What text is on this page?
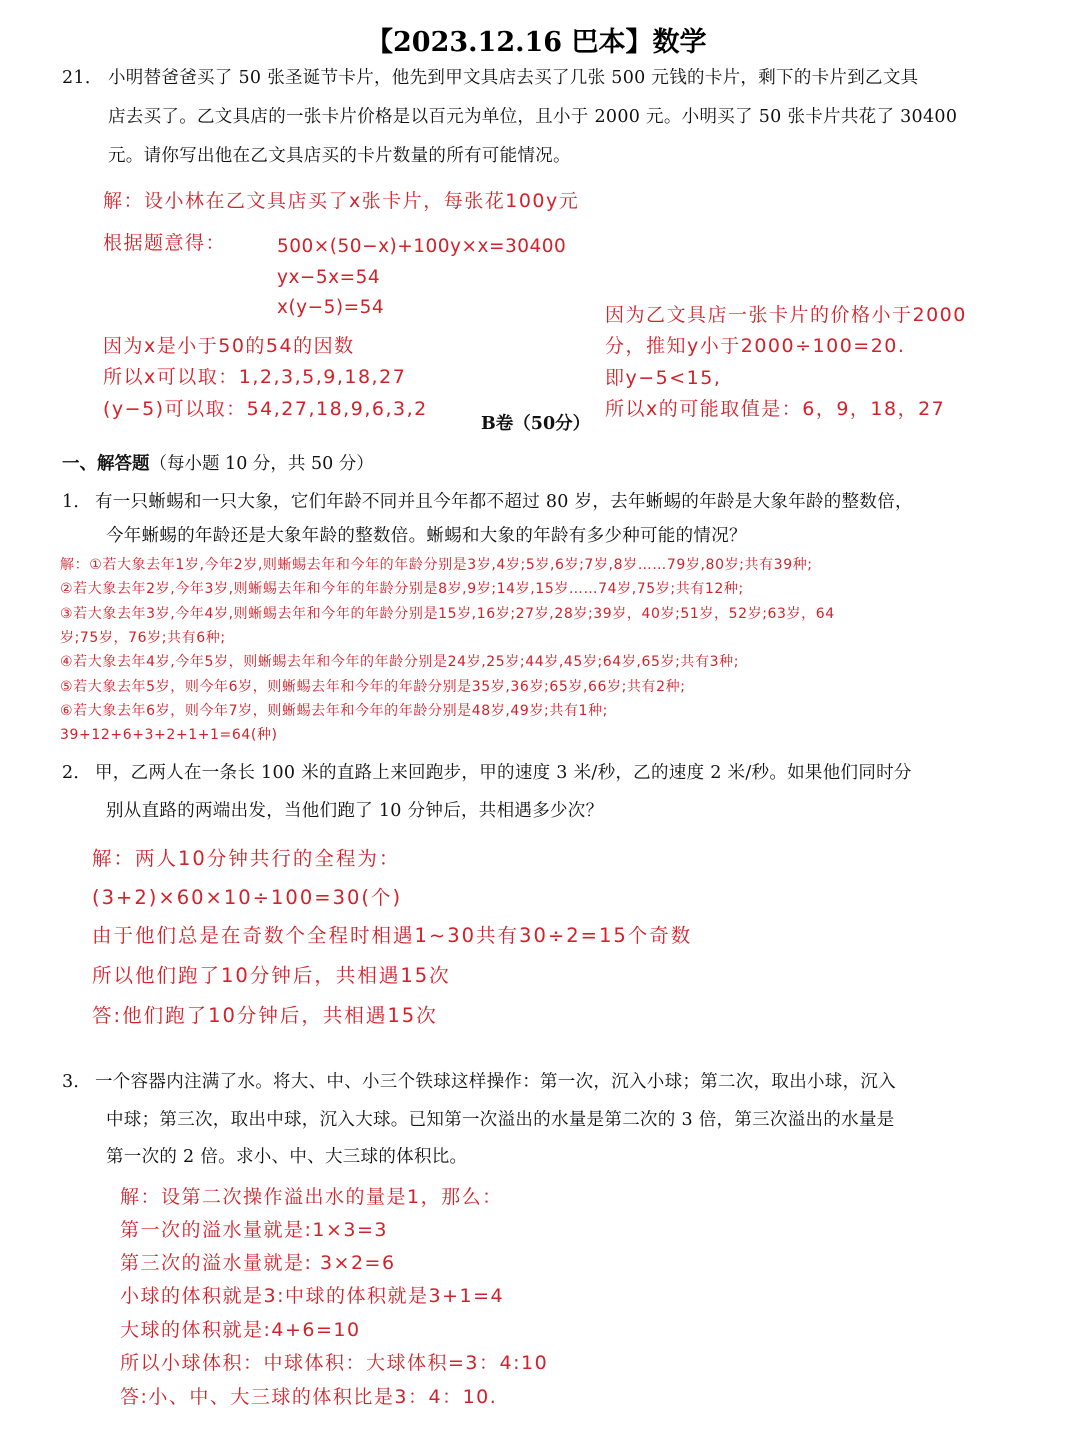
【2023.12.16 巴本】数学
21． 小明替爸爸买了 50 张圣诞节卡片，他先到甲文具店去买了几张 500 元钱的卡片，剩下的卡片到乙文具
店去买了。乙文具店的一张卡片价格是以百元为单位，且小于 2000 元。小明买了 50 张卡片共花了 30400
元。请你写出他在乙文具店买的卡片数量的所有可能情况。
解：设小林在乙文具店买了x张卡片，每张花100y元
根据题意得：	500×(50−x)+100y×x=30400
yx−5x=54
x(y−5)=54
因为x是小于50的54的因数
所以x可以取：1,2,3,5,9,18,27
(y−5)可以取：54,27,18,9,6,3,2
因为乙文具店一张卡片的价格小于2000
分，推知y小于2000÷100=20.
即y−5<15,
所以x的可能取值是：6，9，18，27
B卷（50分）
一、解答题（每小题 10 分，共 50 分）
1． 有一只蜥蜴和一只大象，它们年龄不同并且今年都不超过 80 岁，去年蜥蜴的年龄是大象年龄的整数倍，
今年蜥蜴的年龄还是大象年龄的整数倍。蜥蜴和大象的年龄有多少种可能的情况？
解：①若大象去年1岁,今年2岁,则蜥蜴去年和今年的年龄分别是3岁,4岁;5岁,6岁;7岁,8岁……79岁,80岁;共有39种;
②若大象去年2岁,今年3岁,则蜥蜴去年和今年的年龄分别是8岁,9岁;14岁,15岁……74岁,75岁;共有12种;
③若大象去年3岁,今年4岁,则蜥蜴去年和今年的年龄分别是15岁,16岁;27岁,28岁;39岁，40岁;51岁，52岁;63岁，64
岁;75岁，76岁;共有6种;
④若大象去年4岁,今年5岁，则蜥蜴去年和今年的年龄分别是24岁,25岁;44岁,45岁;64岁,65岁;共有3种;
⑤若大象去年5岁，则今年6岁，则蜥蜴去年和今年的年龄分别是35岁,36岁;65岁,66岁;共有2种;
⑥若大象去年6岁，则今年7岁，则蜥蜴去年和今年的年龄分别是48岁,49岁;共有1种;
39+12+6+3+2+1+1=64(种)
2． 甲，乙两人在一条长 100 米的直路上来回跑步，甲的速度 3 米/秒，乙的速度 2 米/秒。如果他们同时分
别从直路的两端出发，当他们跑了 10 分钟后，共相遇多少次？
解：两人10分钟共行的全程为：
(3+2)×60×10÷100=30(个)
由于他们总是在奇数个全程时相遇1~30共有30÷2=15个奇数
所以他们跑了10分钟后，共相遇15次
答:他们跑了10分钟后，共相遇15次
3． 一个容器内注满了水。将大、中、小三个铁球这样操作：第一次，沉入小球；第二次，取出小球，沉入
中球；第三次，取出中球，沉入大球。已知第一次溢出的水量是第二次的 3 倍，第三次溢出的水量是
第一次的 2 倍。求小、中、大三球的体积比。
解：设第二次操作溢出水的量是1，那么：
第一次的溢水量就是:1×3=3
第三次的溢水量就是: 3×2=6
小球的体积就是3:中球的体积就是3+1=4
大球的体积就是:4+6=10
所以小球体积：中球体积：大球体积=3：4:10
答:小、中、大三球的体积比是3：4：10.
